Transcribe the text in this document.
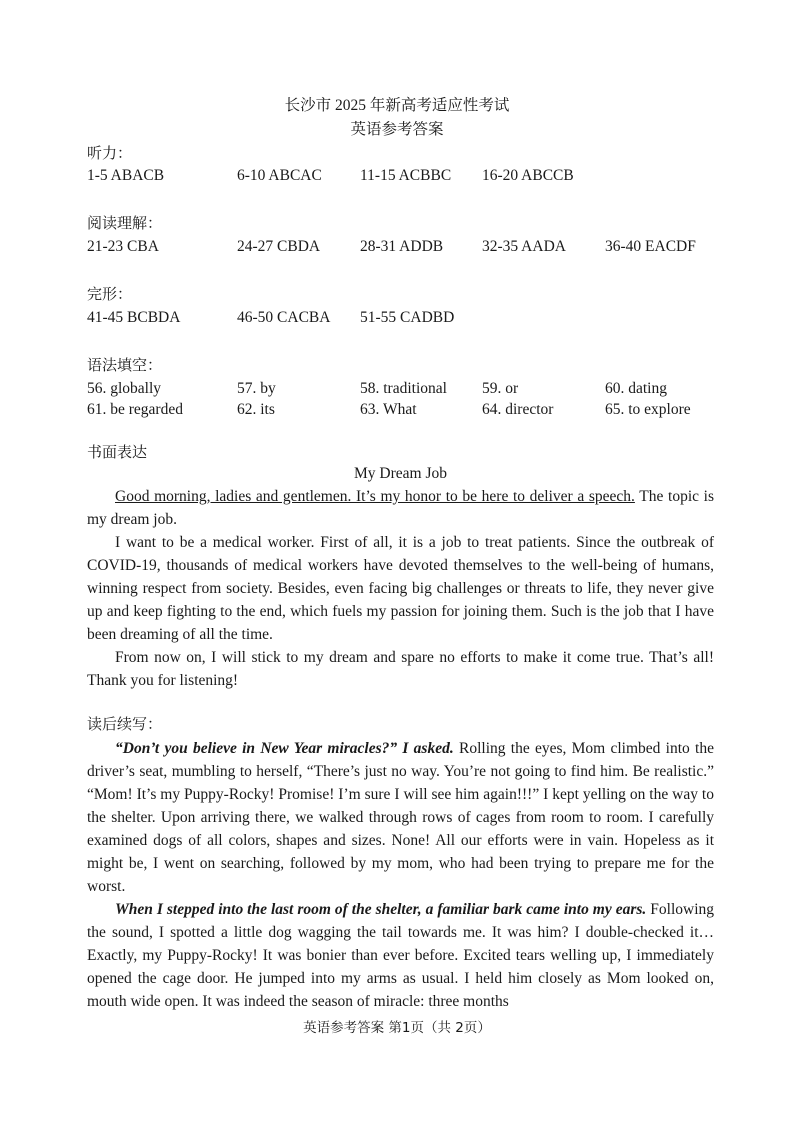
长沙市 2025 年新高考适应性考试
英语参考答案
听力：
1-5 ABACB	6-10 ABCAC 11-15 ACBBC 16-20 ABCCB
阅读理解：
21-23 CBA	24-27 CBDA	28-31 ADDB	32-35 AADA	36-40 EACDF
完形：
41-45 BCBDA	46-50 CACBA 51-55 CADBD
语法填空：
56. globally	57. by	58. traditional 59. or	60. dating
61. be regarded	62. its	63. What	64. director	65. to explore
书面表达

My Dream Job

Good morning, ladies and gentlemen. It’s my honor to be here to deliver a speech. The topic is my dream job.

I want to be a medical worker. First of all, it is a job to treat patients. Since the outbreak of COVID-19, thousands of medical workers have devoted themselves to the well-being of humans, winning respect from society. Besides, even facing big challenges or threats to life, they never give up and keep fighting to the end, which fuels my passion for joining them. Such is the job that I have been dreaming of all the time.

From now on, I will stick to my dream and spare no efforts to make it come true. That’s all! Thank you for listening!

读后续写：

“Don’t you believe in New Year miracles?” I asked. Rolling the eyes, Mom climbed into the driver’s seat, mumbling to herself, “There’s just no way. You’re not going to find him. Be realistic.” “Mom! It’s my Puppy-Rocky! Promise! I’m sure I will see him again!!!” I kept yelling on the way to the shelter. Upon arriving there, we walked through rows of cages from room to room. I carefully examined dogs of all colors, shapes and sizes. None! All our efforts were in vain. Hopeless as it might be, I went on searching, followed by my mom, who had been trying to prepare me for the worst.

When I stepped into the last room of the shelter, a familiar bark came into my ears. Following the sound, I spotted a little dog wagging the tail towards me. It was him? I double-checked it… Exactly, my Puppy-Rocky! It was bonier than ever before. Excited tears welling up, I immediately opened the cage door. He jumped into my arms as usual. I held him closely as Mom looked on, mouth wide open. It was indeed the season of miracle: three months

英语参考答案 第1页（共 2页）
